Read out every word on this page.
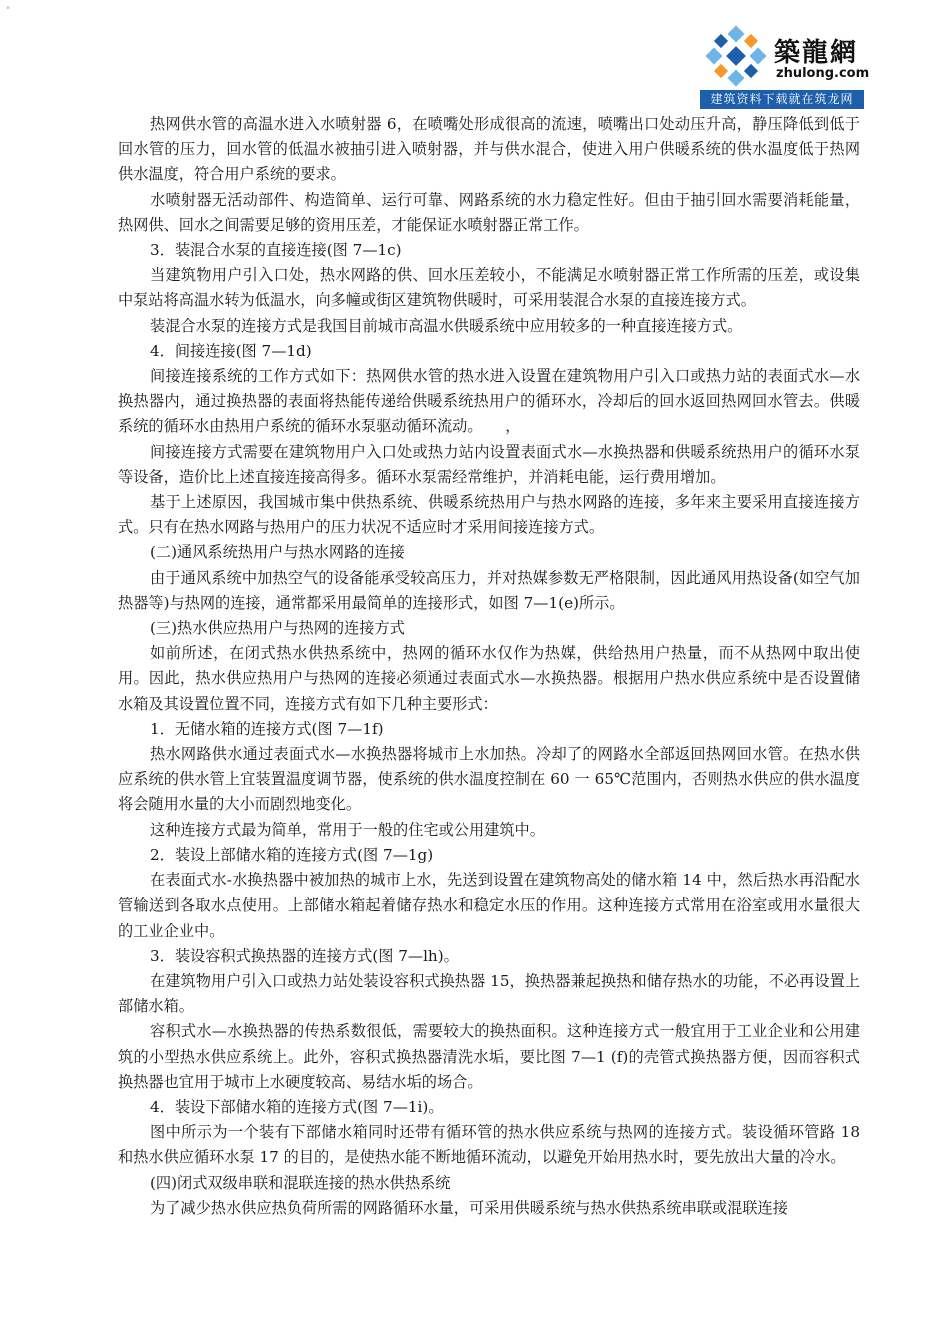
"
築龍網
zhulong.com
建筑资料下载就在筑龙网

热网供水管的高温水进入水喷射器 6，在喷嘴处形成很高的流速，喷嘴出口处动压升高，静压降低到低于回水管的压力，回水管的低温水被抽引进入喷射器，并与供水混合，使进入用户供暖系统的供水温度低于热网供水温度，符合用户系统的要求。

水喷射器无活动部件、构造简单、运行可靠、网路系统的水力稳定性好。但由于抽引回水需要消耗能量，热网供、回水之间需要足够的资用压差，才能保证水喷射器正常工作。

3．装混合水泵的直接连接(图 7—1c)

当建筑物用户引入口处，热水网路的供、回水压差较小，不能满足水喷射器正常工作所需的压差，或设集中泵站将高温水转为低温水，向多幢或街区建筑物供暖时，可采用装混合水泵的直接连接方式。

装混合水泵的连接方式是我国目前城市高温水供暖系统中应用较多的一种直接连接方式。

4．间接连接(图 7—1d)

间接连接系统的工作方式如下：热网供水管的热水进入设置在建筑物用户引入口或热力站的表面式水—水换热器内，通过换热器的表面将热能传递给供暖系统热用户的循环水，冷却后的回水返回热网回水管去。供暖系统的循环水由热用户系统的循环水泵驱动循环流动。　　，

间接连接方式需要在建筑物用户入口处或热力站内设置表面式水—水换热器和供暖系统热用户的循环水泵等设备，造价比上述直接连接高得多。循环水泵需经常维护，并消耗电能，运行费用增加。

基于上述原因，我国城市集中供热系统、供暖系统热用户与热水网路的连接，多年来主要采用直接连接方式。只有在热水网路与热用户的压力状况不适应时才采用间接连接方式。

(二)通风系统热用户与热水网路的连接

由于通风系统中加热空气的设备能承受较高压力，并对热媒参数无严格限制，因此通风用热设备(如空气加热器等)与热网的连接，通常都采用最简单的连接形式，如图 7—1(e)所示。

(三)热水供应热用户与热网的连接方式

如前所述，在闭式热水供热系统中，热网的循环水仅作为热媒，供给热用户热量，而不从热网中取出使用。因此，热水供应热用户与热网的连接必须通过表面式水—水换热器。根据用户热水供应系统中是否设置储水箱及其设置位置不同，连接方式有如下几种主要形式：

1．无储水箱的连接方式(图 7—1f)

热水网路供水通过表面式水—水换热器将城市上水加热。冷却了的网路水全部返回热网回水管。在热水供应系统的供水管上宜装置温度调节器，使系统的供水温度控制在 60 一 65℃范围内，否则热水供应的供水温度将会随用水量的大小而剧烈地变化。

这种连接方式最为简单，常用于一般的住宅或公用建筑中。

2．装设上部储水箱的连接方式(图 7—1g)

在表面式水-水换热器中被加热的城市上水，先送到设置在建筑物高处的储水箱 14 中，然后热水再沿配水管输送到各取水点使用。上部储水箱起着储存热水和稳定水压的作用。这种连接方式常用在浴室或用水量很大的工业企业中。

3．装设容积式换热器的连接方式(图 7—lh)。

在建筑物用户引入口或热力站处装设容积式换热器 15，换热器兼起换热和储存热水的功能，不必再设置上部储水箱。

容积式水—水换热器的传热系数很低，需要较大的换热面积。这种连接方式一般宜用于工业企业和公用建筑的小型热水供应系统上。此外，容积式换热器清洗水垢，要比图 7—1 (f)的壳管式换热器方便，因而容积式换热器也宜用于城市上水硬度较高、易结水垢的场合。

4．装设下部储水箱的连接方式(图 7—1i)。

图中所示为一个装有下部储水箱同时还带有循环管的热水供应系统与热网的连接方式。装设循环管路 18 和热水供应循环水泵 17 的目的，是使热水能不断地循环流动，以避免开始用热水时，要先放出大量的冷水。

(四)闭式双级串联和混联连接的热水供热系统

为了减少热水供应热负荷所需的网路循环水量，可采用供暖系统与热水供热系统串联或混联连接
